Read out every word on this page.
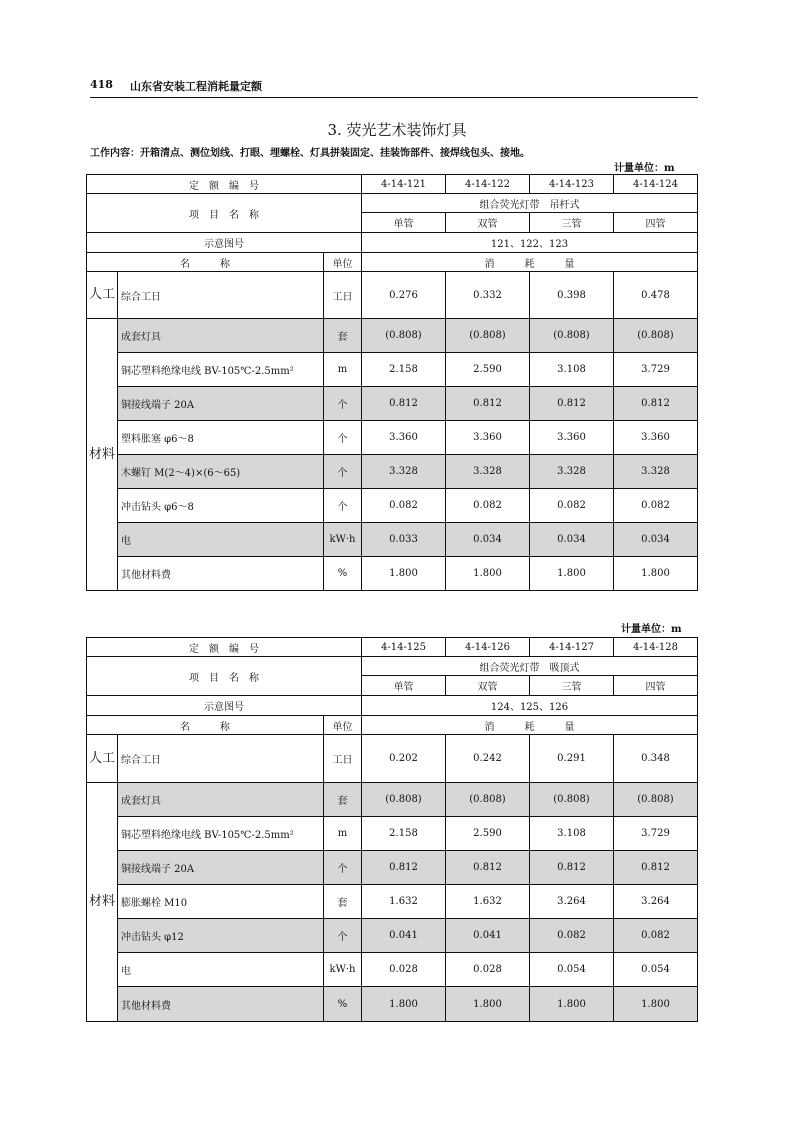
418 山东省安装工程消耗量定额
3. 荧光艺术装饰灯具
工作内容：开箱清点、测位划线、打眼、埋螺栓、灯具拼装固定、挂装饰部件、接焊线包头、接地。
计量单位：m
计量单位：m
定　额　编　号			4-14-121	4-14-122	4-14-123	4-14-124
项　目　名　称			组合荧光灯带　吊杆式			
			单管	双管	三管	四管
示意图号			121、122、123			
名　　　称		单位	消　　　耗　　　量			
人工	综合工日	工日	0.276	0.332	0.398	0.478
材料	成套灯具	套	(0.808)	(0.808)	(0.808)	(0.808)
	铜芯塑料绝缘电线 BV-105℃-2.5mm²	m	2.158	2.590	3.108	3.729
	铜接线端子 20A	个	0.812	0.812	0.812	0.812
	塑料胀塞 φ6～8	个	3.360	3.360	3.360	3.360
	木螺钉 M(2～4)×(6～65)	个	3.328	3.328	3.328	3.328
	冲击钻头 φ6～8	个	0.082	0.082	0.082	0.082
	电	kW·h	0.033	0.034	0.034	0.034
	其他材料费	%	1.800	1.800	1.800	1.800
定　额　编　号			4-14-125	4-14-126	4-14-127	4-14-128
项　目　名　称			组合荧光灯带　吸顶式			
			单管	双管	三管	四管
示意图号			124、125、126			
名　　　称		单位	消　　　耗　　　量			
人工	综合工日	工日	0.202	0.242	0.291	0.348
材料	成套灯具	套	(0.808)	(0.808)	(0.808)	(0.808)
	铜芯塑料绝缘电线 BV-105℃-2.5mm²	m	2.158	2.590	3.108	3.729
	铜接线端子 20A	个	0.812	0.812	0.812	0.812
	膨胀螺栓 M10	套	1.632	1.632	3.264	3.264
	冲击钻头 φ12	个	0.041	0.041	0.082	0.082
	电	kW·h	0.028	0.028	0.054	0.054
	其他材料费	%	1.800	1.800	1.800	1.800
